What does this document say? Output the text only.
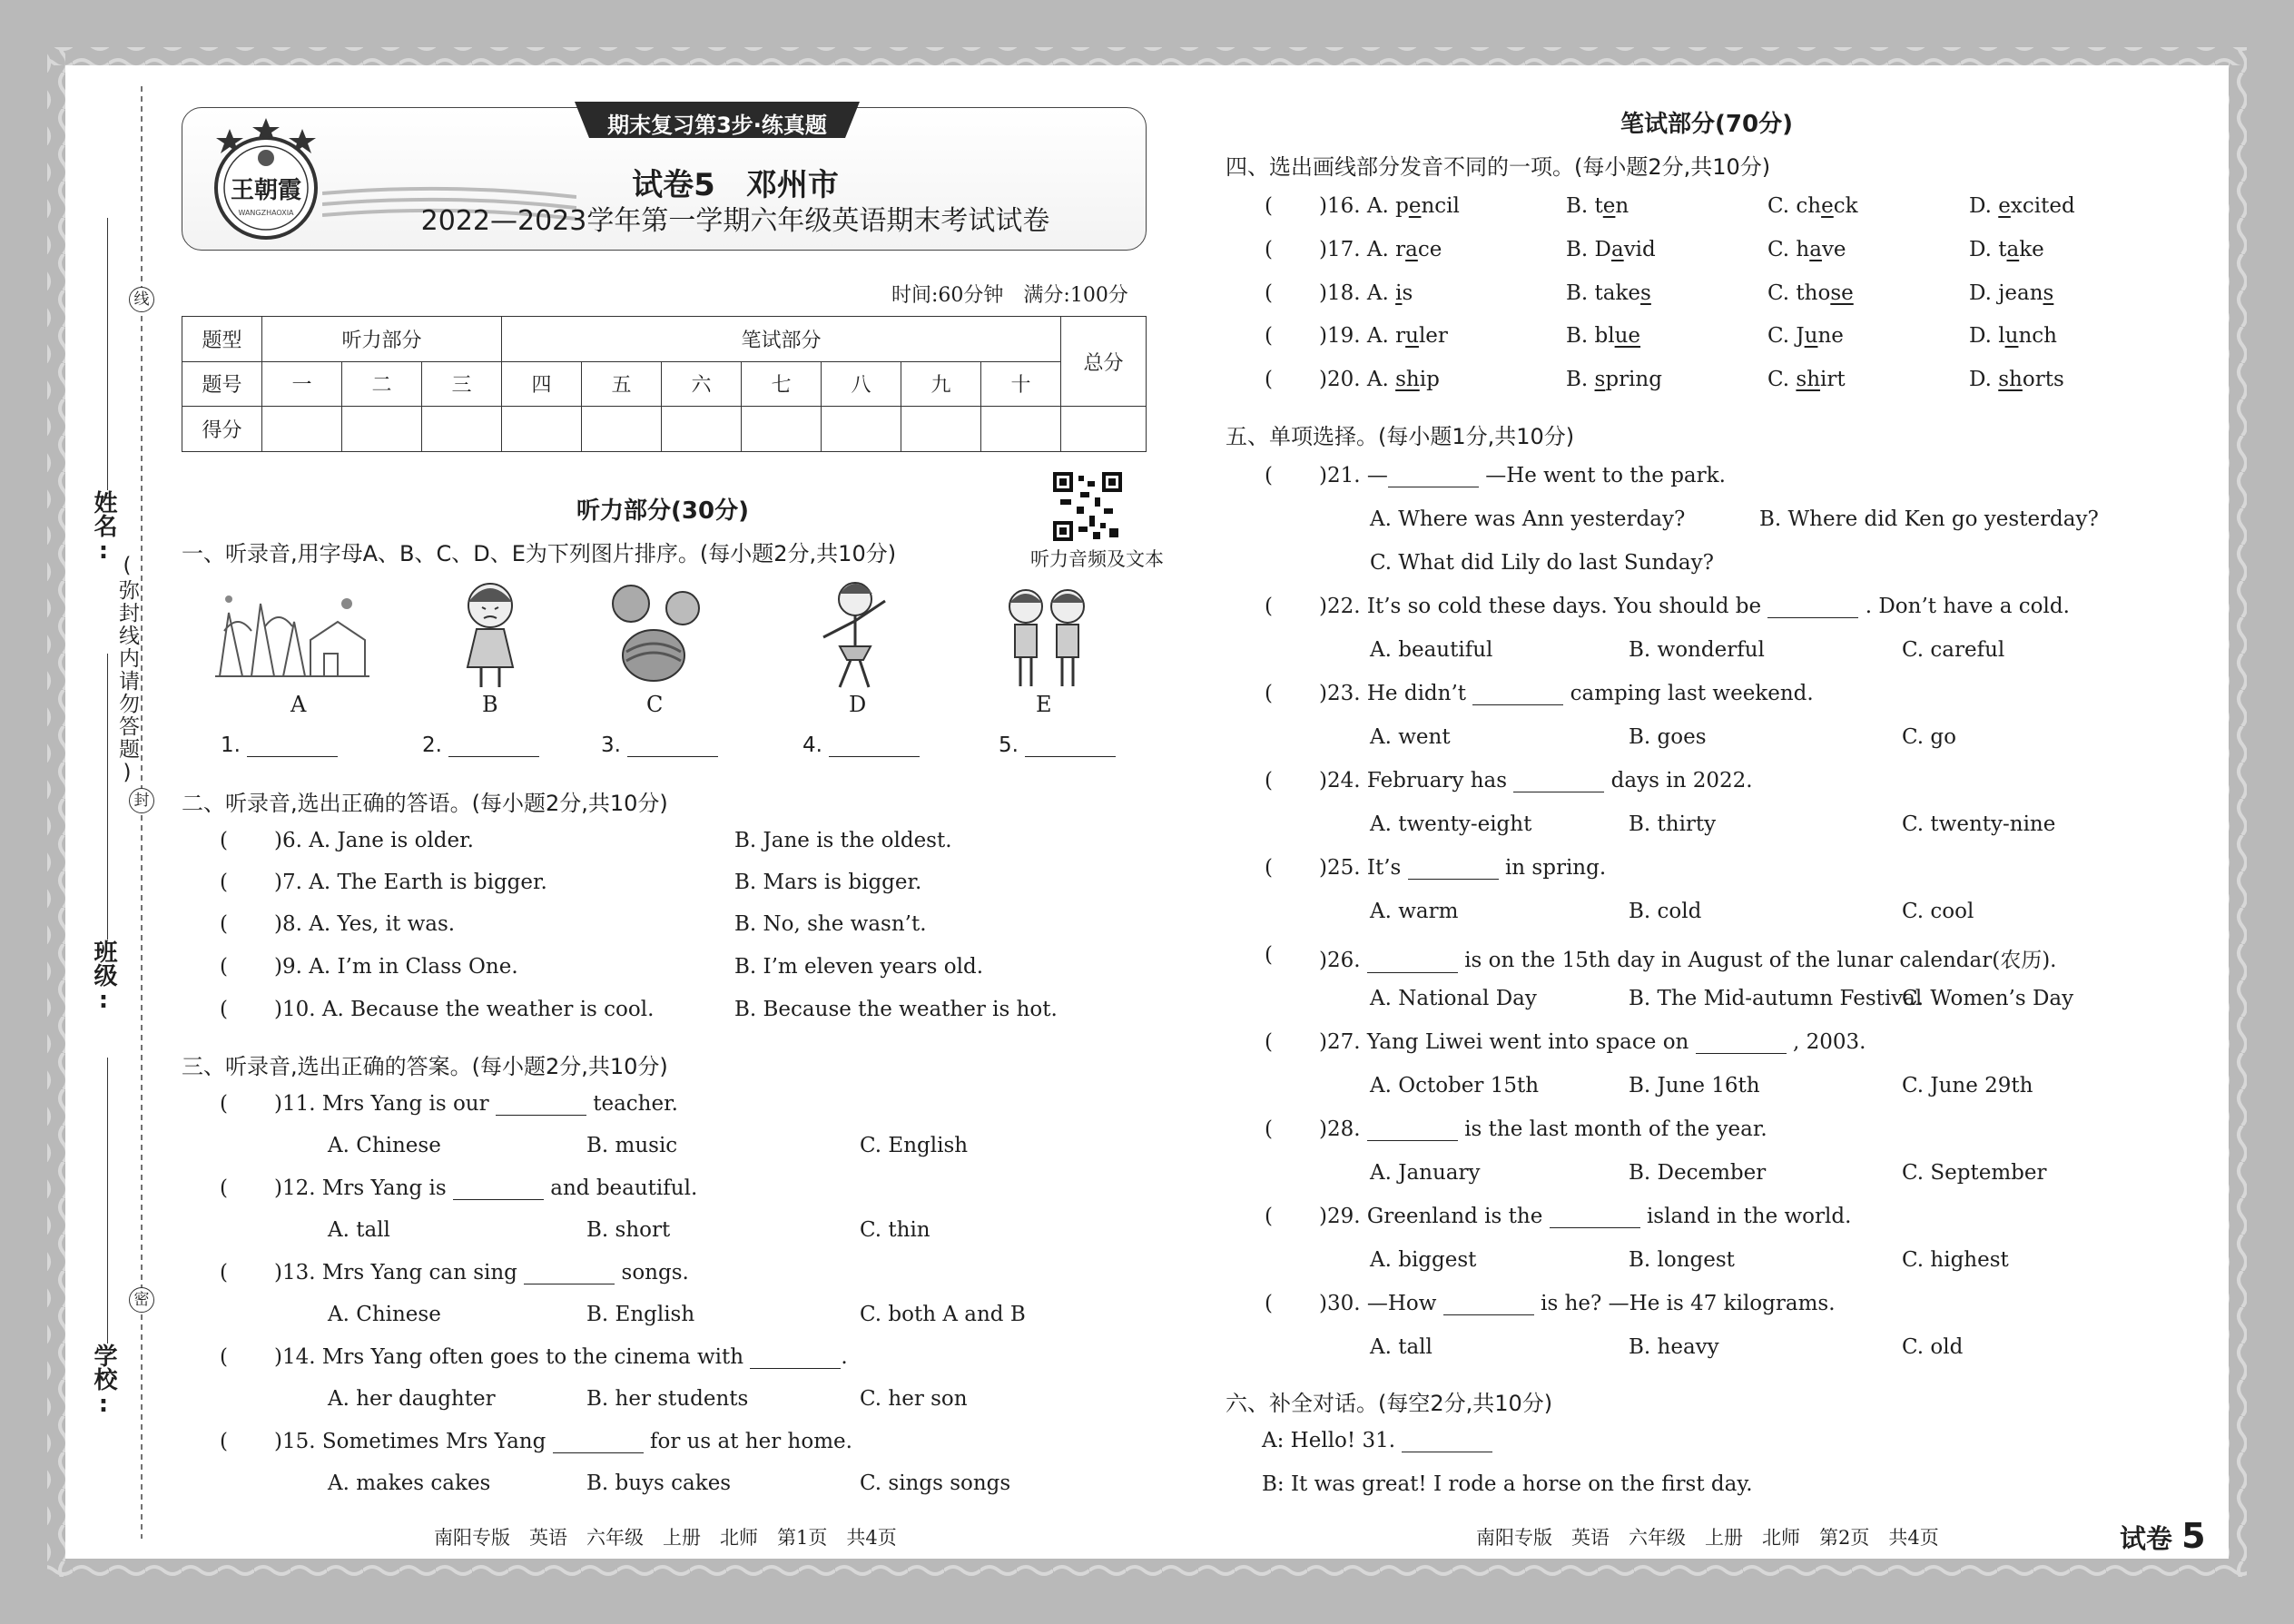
线
封
密
(弥封线内请勿答题)
姓名:
班级:
学校:
期末复习第3步·练真题
王朝霞
WANGZHAOXIA
试卷5　邓州市
2022—2023学年第一学期六年级英语期末考试试卷
时间:60分钟　满分:100分
题型	听力部分			笔试部分							总分
题号	一	二	三	四	五	六	七	八	九	十	
得分											
听力部分(30分)
听力音频及文本
一、听录音,用字母A、B、C、D、E为下列图片排序。(每小题2分,共10分)
A	B	C	D	E
1.	2.	3.	4.	5.
二、听录音,选出正确的答语。(每小题2分,共10分)
( )6. A. Jane is older.	B. Jane is the oldest.
( )7. A. The Earth is bigger.	B. Mars is bigger.
( )8. A. Yes, it was.	B. No, she wasn’t.
( )9. A. I’m in Class One.	B. I’m eleven years old.
( )10. A. Because the weather is cool.	B. Because the weather is hot.
三、听录音,选出正确的答案。(每小题2分,共10分)
( )11. Mrs Yang is our	teacher.
A. Chinese	B. music	C. English
( )12. Mrs Yang is	and beautiful.
A. tall	B. short	C. thin
( )13. Mrs Yang can sing	songs.
A. Chinese	B. English	C. both A and B
( )14. Mrs Yang often goes to the cinema with	.
A. her daughter	B. her students	C. her son
( )15. Sometimes Mrs Yang	for us at her home.
A. makes cakes	B. buys cakes	C. sings songs
南阳专版　英语　六年级　上册　北师　第1页　共4页
笔试部分(70分)
四、选出画线部分发音不同的一项。(每小题2分,共10分)
( )16. A. pencil	B. ten	C. check	D. excited
( )17. A. race	B. David	C. have	D. take
( )18. A. is	B. takes	C. those	D. jeans
( )19. A. ruler	B. blue	C. June	D. lunch
( )20. A. ship	B. spring	C. shirt	D. shorts
五、单项选择。(每小题1分,共10分)
( )21. —	—He went to the park.
A. Where was Ann yesterday?	B. Where did Ken go yesterday?
C. What did Lily do last Sunday?
( )22. It’s so cold these days. You should be	. Don’t have a cold.
A. beautiful	B. wonderful	C. careful
( )23. He didn’t	camping last weekend.
A. went	B. goes	C. go
( )24. February has	days in 2022.
A. twenty-eight	B. thirty	C. twenty-nine
( )25. It’s	in spring.
A. warm	B. cold	C. cool
( )26.	is on the 15th day in August of the lunar calendar(农历).
A. National Day	B. The Mid-autumn Festival
C. Women’s Day
( )27. Yang Liwei went into space on	, 2003.
A. October 15th	B. June 16th	C. June 29th
( )28.	is the last month of the year.
A. January	B. December	C. September
( )29. Greenland is the	island in the world.
A. biggest	B. longest	C. highest
( )30. —How	is he? —He is 47 kilograms.
A. tall	B. heavy	C. old
六、补全对话。(每空2分,共10分)
A: Hello! 31.
B: It was great! I rode a horse on the first day.
南阳专版　英语　六年级　上册　北师　第2页　共4页	试卷 5
